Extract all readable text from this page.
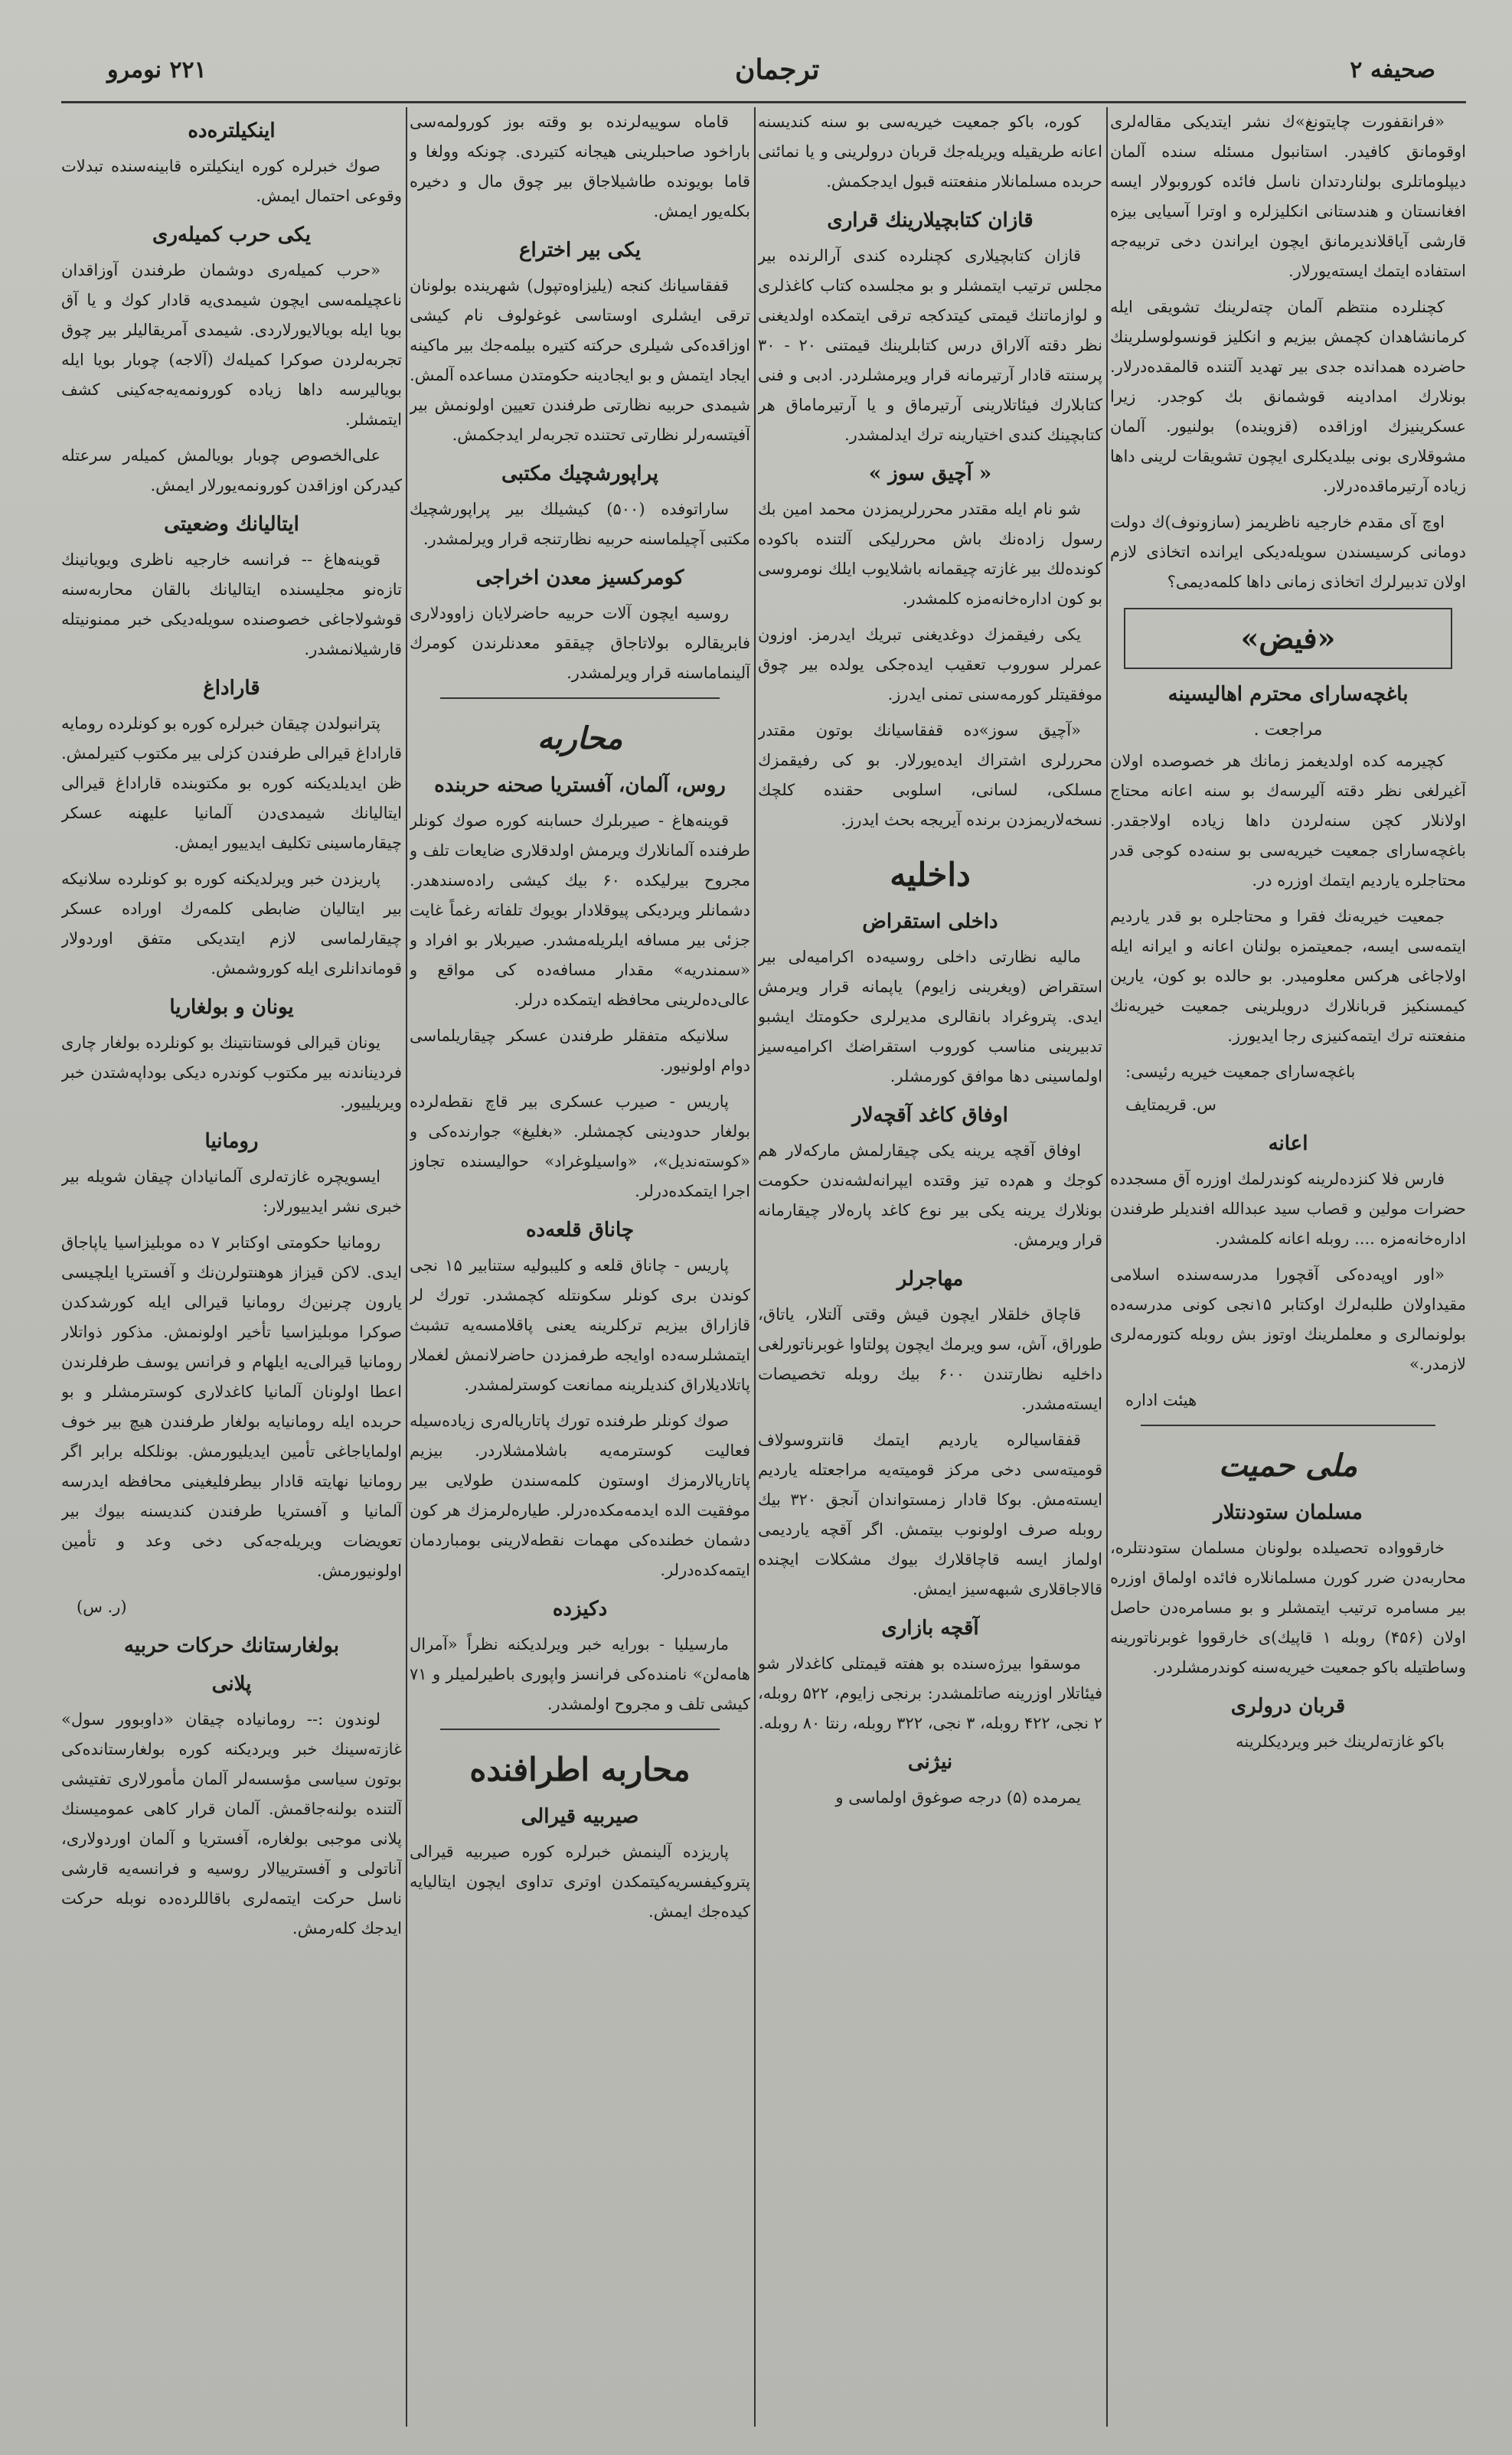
۲۲۱ نومرو	ترجمان	صحیفه ۲
«فرانقفورت چایتونغ»ك نشر ایتدیكی مقاله‌لری اوقومانق كافیدر. استانبول مسئله سنده آلمان دیپلوماتلری بولناردتدان ناسل فائده كوروبولار ایسه افغانستان و هندستانی انكلیزلره و اوترا آسیایی بیزه قارشی آیاقلاندیرمانق ایچون ایراندن دخی تربیه‌جه استفاده ایتمك ایسته‌یورلار.
كچنلرده منتظم آلمان چته‌لرینك تشویقی ایله كرمانشاهدان كچمش بیزیم و انكلیز قونسولوسلرینك حاضرده همدانده جدی بیر تهدید آلتنده قالمقده‌درلار. بونلارك امدادینه قوشمانق بك كوجدر. زیرا عسكرینیزك اوزاقده (قزوینده) بولنیور. آلمان مشوقلاری بونی بیلدیكلری ایچون تشویقات لرینی داها زیاده آرتیرماقده‌درلار.
اوچ آی مقدم خارجیه ناظریمز (سازونوف)ك دولت دومانی كرسیسندن سویله‌دیكی ایرانده اتخاذی لازم اولان تدبیرلرك اتخاذی زمانی داها كلمه‌دیمی؟
«فیض»
باغچه‌سارای محترم اهالیسینه
مراجعت .
كچیرمه كده اولدیغمز زمانك هر خصوصده اولان آغیرلغی نظر دقته آلیرسه‌ك بو سنه اعانه محتاج اولانلار كچن سنه‌لردن داها زیاده اولاجقدر. باغچه‌سارای جمعیت خیریه‌سی بو سنه‌ده كوجی قدر محتاجلره یاردیم ایتمك اوزره در.
جمعیت خیریه‌نك فقرا و محتاجلره بو قدر یاردیم ایتمه‌سی ایسه، جمعیتمزه بولنان اعانه و ایرانه ایله اولاجاغی هركس معلومیدر. بو حالده بو كون، یارین كیمسنكیز قربانلارك درویلرینی جمعیت خیریه‌نك منفعتنه ترك ایتمه‌كنیزی رجا ایدیورز.
باغچه‌سارای جمعیت خیریه رئیسی:
س. قریمتایف
اعانه
فارس فلا كنزده‌لرینه كوندرلمك اوزره آق مسجدده حضرات مولین و قصاب سید عبدالله افندیلر طرفندن اداره‌خانه‌مزه .... روبله اعانه كلمشدر.
«اور اوپه‌ده‌کی آقچورا مدرسه‌سنده اسلامی مقیداولان طلبه‌لرك اوكتابر ۱۵نجی كونی مدرسه‌ده بولونمالری و معلملرینك اوتوز بش روبله كتورمه‌لری لازمدر.»
هیئت اداره
ملی حمیت
مسلمان ستودنتلار
خارقوواده تحصیلده بولونان مسلمان ستودنتلره، محاربه‌دن ضرر كورن مسلمانلاره فائده اولماق اوزره بیر مسامره ترتیب ایتمشلر و بو مسامره‌دن حاصل اولان (۴۵۶) روبله ۱ قاپیك)ی خارقووا غوبرناتورینه وساطتیله باكو جمعیت خیریه‌سنه كوندرمشلردر.
قربان درولری
باكو غازته‌لرینك خبر ویردیكلرینه
كوره، باكو جمعیت خیریه‌سی بو سنه كندیسنه اعانه طریقیله ویریله‌جك قربان درولرینی و یا نمائنی حربده مسلمانلار منفعتنه قبول ایدجكمش.
قازان كتابچیلارینك قراری
قازان كتابچیلاری كچنلرده كندی آرالرنده بیر مجلس ترتیب ایتمشلر و بو مجلسده كتاب كاغذلری و لوازماتنك قیمتی كیتدكجه ترقی ایتمكده اولدیغنی نظر دقته آلاراق درس كتابلرینك قیمتنی ۲۰ - ۳۰ پرسنته قادار آرتیرمانه قرار ویرمشلردر. ادبی و فنی كتابلارك فیئاتلارینی آرتیرماق و یا آرتیرماماق هر كتابچینك كندی اختیارینه ترك ایدلمشدر.
« آچیق سوز »
شو نام ایله مقتدر محرر‌لریمزدن محمد امین بك رسول زاده‌نك باش محررلیكی آلتنده باكوده كونده‌لك بیر غازته چیقمانه باشلایوب ایلك نومروسی بو كون اداره‌خانه‌مزه كلمشدر.
یكی رفیقمزك دوغدیغنی تبریك ایدرمز. اوزون عمرلر سوروب تعقیب ایده‌جكی یولده بیر چوق موفقیتلر كورمه‌سنی تمنی ایدرز.
«آچیق سوز»ده قفقاسیانك بوتون مقتدر محررلری اشتراك ایده‌یورلار. بو كی رفیقمزك مسلكی، لسانی، اسلوبی حقنده كلچك نسخه‌لاریمزدن برنده آیریجه بحث ایدرز.
داخلیه
داخلی استقراض
مالیه نظارتی داخلی روسیه‌ده اكرامیه‌لی بیر استقراض (ویغرینی زایوم) یاپمانه قرار ویرمش ایدی. پتروغراد بانقالری مدیرلری حكومتك ایشبو تدبیرینی مناسب كوروب استقراضك اكرامیه‌سیز اولماسینی دها موافق كورمشلر.
اوفاق كاغد آقچه‌لار
اوفاق آقچه یرینه یكی چیقارلمش ماركه‌لار هم كوجك و هم‌ده تیز وقتده ایپرانه‌لشه‌ندن حكومت بونلارك یرینه یكی بیر نوع كاغد پاره‌لار چیقارمانه قرار ویرمش.
مهاجرلر
قاچاق خلقلار ایچون قیش وقتی آلتلار، یاتاق، طوراق، آش، سو ویرمك ایچون پولتاوا غوبرناتورلغی داخلیه نظارتندن ۶۰۰ بیك روبله تخصیصات ایسته‌مشدر.
قفقاسیالره یاردیم ایتمك قانتروسولاف قومیته‌سی دخی مركز قومیته‌یه مراجعتله یاردیم ایسته‌مش. بوكا قادار زمستواندان آنجق ۳۲۰ بیك روبله صرف اولونوب بیتمش. اگر آقچه یاردیمی اولماز ایسه قاچاقلارك بیوك مشكلات ایچنده قالاجاقلاری شبهه‌سیز ایمش.
آقچه بازاری
موسقوا بیرژه‌سنده بو هفته قیمتلی كاغدلار شو فیئاتلار اوزرینه صاتلمشدر: برنجی زایوم، ۵۲۲ روبله، ۲ نجی، ۴۲۲ روبله، ۳ نجی، ۳۲۲ روبله، رنتا ۸۰ روبله.
نیژنی
یمرمده (۵) درجه صوغوق اولماسی و
قاماه سوییه‌لرنده بو وقته بوز كورولمه‌سی بارا‌خود صاحبلرینی هیجانه كتیردی. چونكه وولغا و قاما بویونده طاشیلاجاق بیر چوق مال و دخیره بكله‌یور ایمش.
یكی بیر اختراع
قفقاسیانك كنجه (یلیزاوه‌تپول) شهرینده بولونان ترقی ایشلری اوستاسی غوغولوف نام كیشی اوزاقده‌كی شیلری حركته كتیره بیلمه‌جك بیر ماكینه ایجاد ایتمش و بو ایجادینه حكومتدن مساعده آلمش. شیمدی حربیه نظارتی طرفندن تعیین اولونمش بیر آفیتسه‌رلر نظارتی تحتنده تجربه‌لر ایدجكمش.
پراپورشچیك مكتبی
ساراتوفده (۵۰۰) كیشیلك بیر پراپورشچیك مكتبی آچیلماسنه حربیه نظارتنجه قرار ویرلمشدر.
كومركسیز معدن اخراجی
روسیه ایچون آلات حربیه حاضرلایان زاوودلاری فابریقالره بولاتاجاق چیققو معدنلرندن كومرك آلینماماسنه قرار ویرلمشدر.
محاربه
روس، آلمان، آفستریا صحنه حربنده
قوینه‌هاغ - صیربلرك حسابنه كوره صوك كونلر طرفنده آلمانلارك ویرمش اولدقلاری ضایعات تلف و مجروح بیرلیكده ۶۰ بیك كیشی راده‌سندهدر. دشمانلر ویردیكی پیوقلادار بویوك تلفاته رغماً غایت جزئی بیر مسافه ایلریله‌مشدر. صیربلار بو افراد و «سمندریه» مقدار مسافه‌ده كی مواقع و عالی‌ده‌لرینی محافظه ایتمكده درلر.
سلانیكه متفقلر طرفندن عسكر چیقاریلماسی دوام اولونیور.
پاریس - صیرب عسكری بیر قاچ نقطه‌لرده بولغار حدودینی كچمشلر. «بغلیغ» جوارنده‌كی و «كوسته‌ندیل»، «واسیلوغراد» حوالیسنده تجاوز اجرا ایتمكده‌درلر.
چاناق قلعه‌ده
پاریس - چاناق قلعه و كلیبولیه ستنابیر ۱۵ نجی كوندن بری كونلر سكونتله كچمشدر. تورك لر قازاراق بیزیم تركلرینه یعنی پاقلامسه‌یه تشبث ایتمشلرسه‌ده اوایجه طرفمزدن حاضرلانمش لغملار پاتلادیلاراق كندیلرینه ممانعت كوسترلمشدر.
صوك كونلر طرفنده تورك پاتارياله‌ری زیاده‌سیله فعالیت كوسترمه‌یه باشلامشلاردر. بیزیم پاتاریالارمزك اوستون كلمه‌سندن طولایی بیر موفقیت الده ایدمه‌مكده‌درلر. طیاره‌لرمزك هر كون دشمان خطنده‌كی مهمات نقطه‌لارینی بومباردمان ایتمه‌كده‌درلر.
دكیزده
مارسیلیا - بورایه خبر ویرلدیكنه نظراً «آمرال هامه‌لن» نامنده‌كی فرانسز واپوری باطیرلمیلر و ۷۱ كیشی تلف و مجروح اولمشدر.
محاربه اطرافنده
صیربیه قیرالی
پاریزده آلینمش خبرلره كوره صیربیه قیرالی پتروكیفسریه‌كیتمكدن اوتری تداوی ایچون ایتالیایه كیده‌جك ایمش.
اینكیلتره‌ده
صوك خبرلره كوره اینكیلتره قابینه‌سنده تبدلات وقوعی احتمال ایمش.
یكی حرب كمیله‌ری
«حرب كمیله‌ری دوشمان طرفندن آوزاقدان ناعچیلمه‌سی ایچون شیمدی‌یه قادار كوك و یا آق بویا ایله بویالایورلاردی. شیمدی آمریقالیلر بیر چوق تجربه‌لردن صوكرا كمیله‌ك (آلاجه) چوبار بویا ایله بویالیرسه داها زیاده كورونمه‌یه‌جه‌كینی كشف ایتمشلر.
علی‌الخصوص چوبار بویالمش كمیله‌ر سرعتله كیدركن اوزاقدن كورونمه‌یورلار ایمش.
ایتالیانك وضعیتی
قوینه‌هاغ -- فرانسه خارجیه ناظری ویویانینك تازه‌نو مجلیسنده ایتالیانك بالقان محاربه‌سنه قوشولاجاغی خصوصنده سویله‌دیكی خبر ممنونیتله قارشیلانمشدر.
قاراداغ
پترانبولدن چیقان خبرلره كوره بو كونلرده رومایه قاراداغ قیرالی طرفندن كزلی بیر مكتوب كتیرلمش. ظن ایدیلدیكنه كوره بو مكتوبنده قاراداغ قیرالی ایتالیانك شیمدی‌دن آلمانیا علیهنه عسكر چیقارماسینی تكلیف ایدییور ایمش.
پاریزدن خبر ویرلدیكنه كوره بو كونلرده سلانیكه بیر ایتالیان ضابطی كلمه‌رك اوراده عسكر چیقارلماسی لازم ایتدیكی متفق اوردولار قوماندانلری ایله كوروشمش.
یونان و بولغاریا
یونان قیرالی فوستانتینك بو كونلرده بولغار چاری فردیناند‌نه بیر مكتوب كوندره دیكی بوداپه‌شتدن خبر ویریلییور.
رومانیا
ایسویچره غازته‌لری آلمانیادان چیقان شویله بیر خبری نشر ایدییورلار:
رومانیا حكومتی اوكتابر ۷ ده موبلیزاسیا یاپاجاق ایدی. لاكن قیزاز هوهنتولرن‌نك و آفستریا ایلچیسی یارون چرنین‌ك رومانیا قیرالی ایله كورشدكدن صوكرا موبلیزاسیا تأخیر اولونمش. مذكور ذواتلار رومانیا قیرالی‌یه ایلهام و فرانس یوسف طرفلرندن اعطا اولونان آلمانیا كاغدلاری كوسترمشلر و بو حربده ایله رومانیایه بولغار طرفندن هیچ بیر خوف اولمایاجاغی تأمین ایدیلیورمش. بونلكله برابر اگر رومانیا نهایته قادار بیطرفلیغینی محافظه ایدرسه آلمانیا و آفستریا طرفندن كندیسنه بیوك بیر تعویضات ویریله‌جه‌كی دخی وعد و تأمین اولونیورمش.
(ر. س)
بولغارستانك حركات حربیه
پلانی
لوندون :-- رومانیاده چیقان «داوبوور سول» غازته‌سینك خبر ویردیكنه كوره بولغارستانده‌كی بوتون سیاسی مؤسسه‌لر آلمان مأمورلاری تفتیشی آلتنده بولنه‌جاقمش. آلمان قرار كاهی عمومیسنك پلانی موجبی بولغاره، آفستریا و آلمان اوردولاری، آناتولی و آفسترییالار روسیه و فرانسه‌یه قارشی ناسل حركت ایتمه‌لری باقاللرده‌ده نوبله حركت ایدجك كله‌رمش.
